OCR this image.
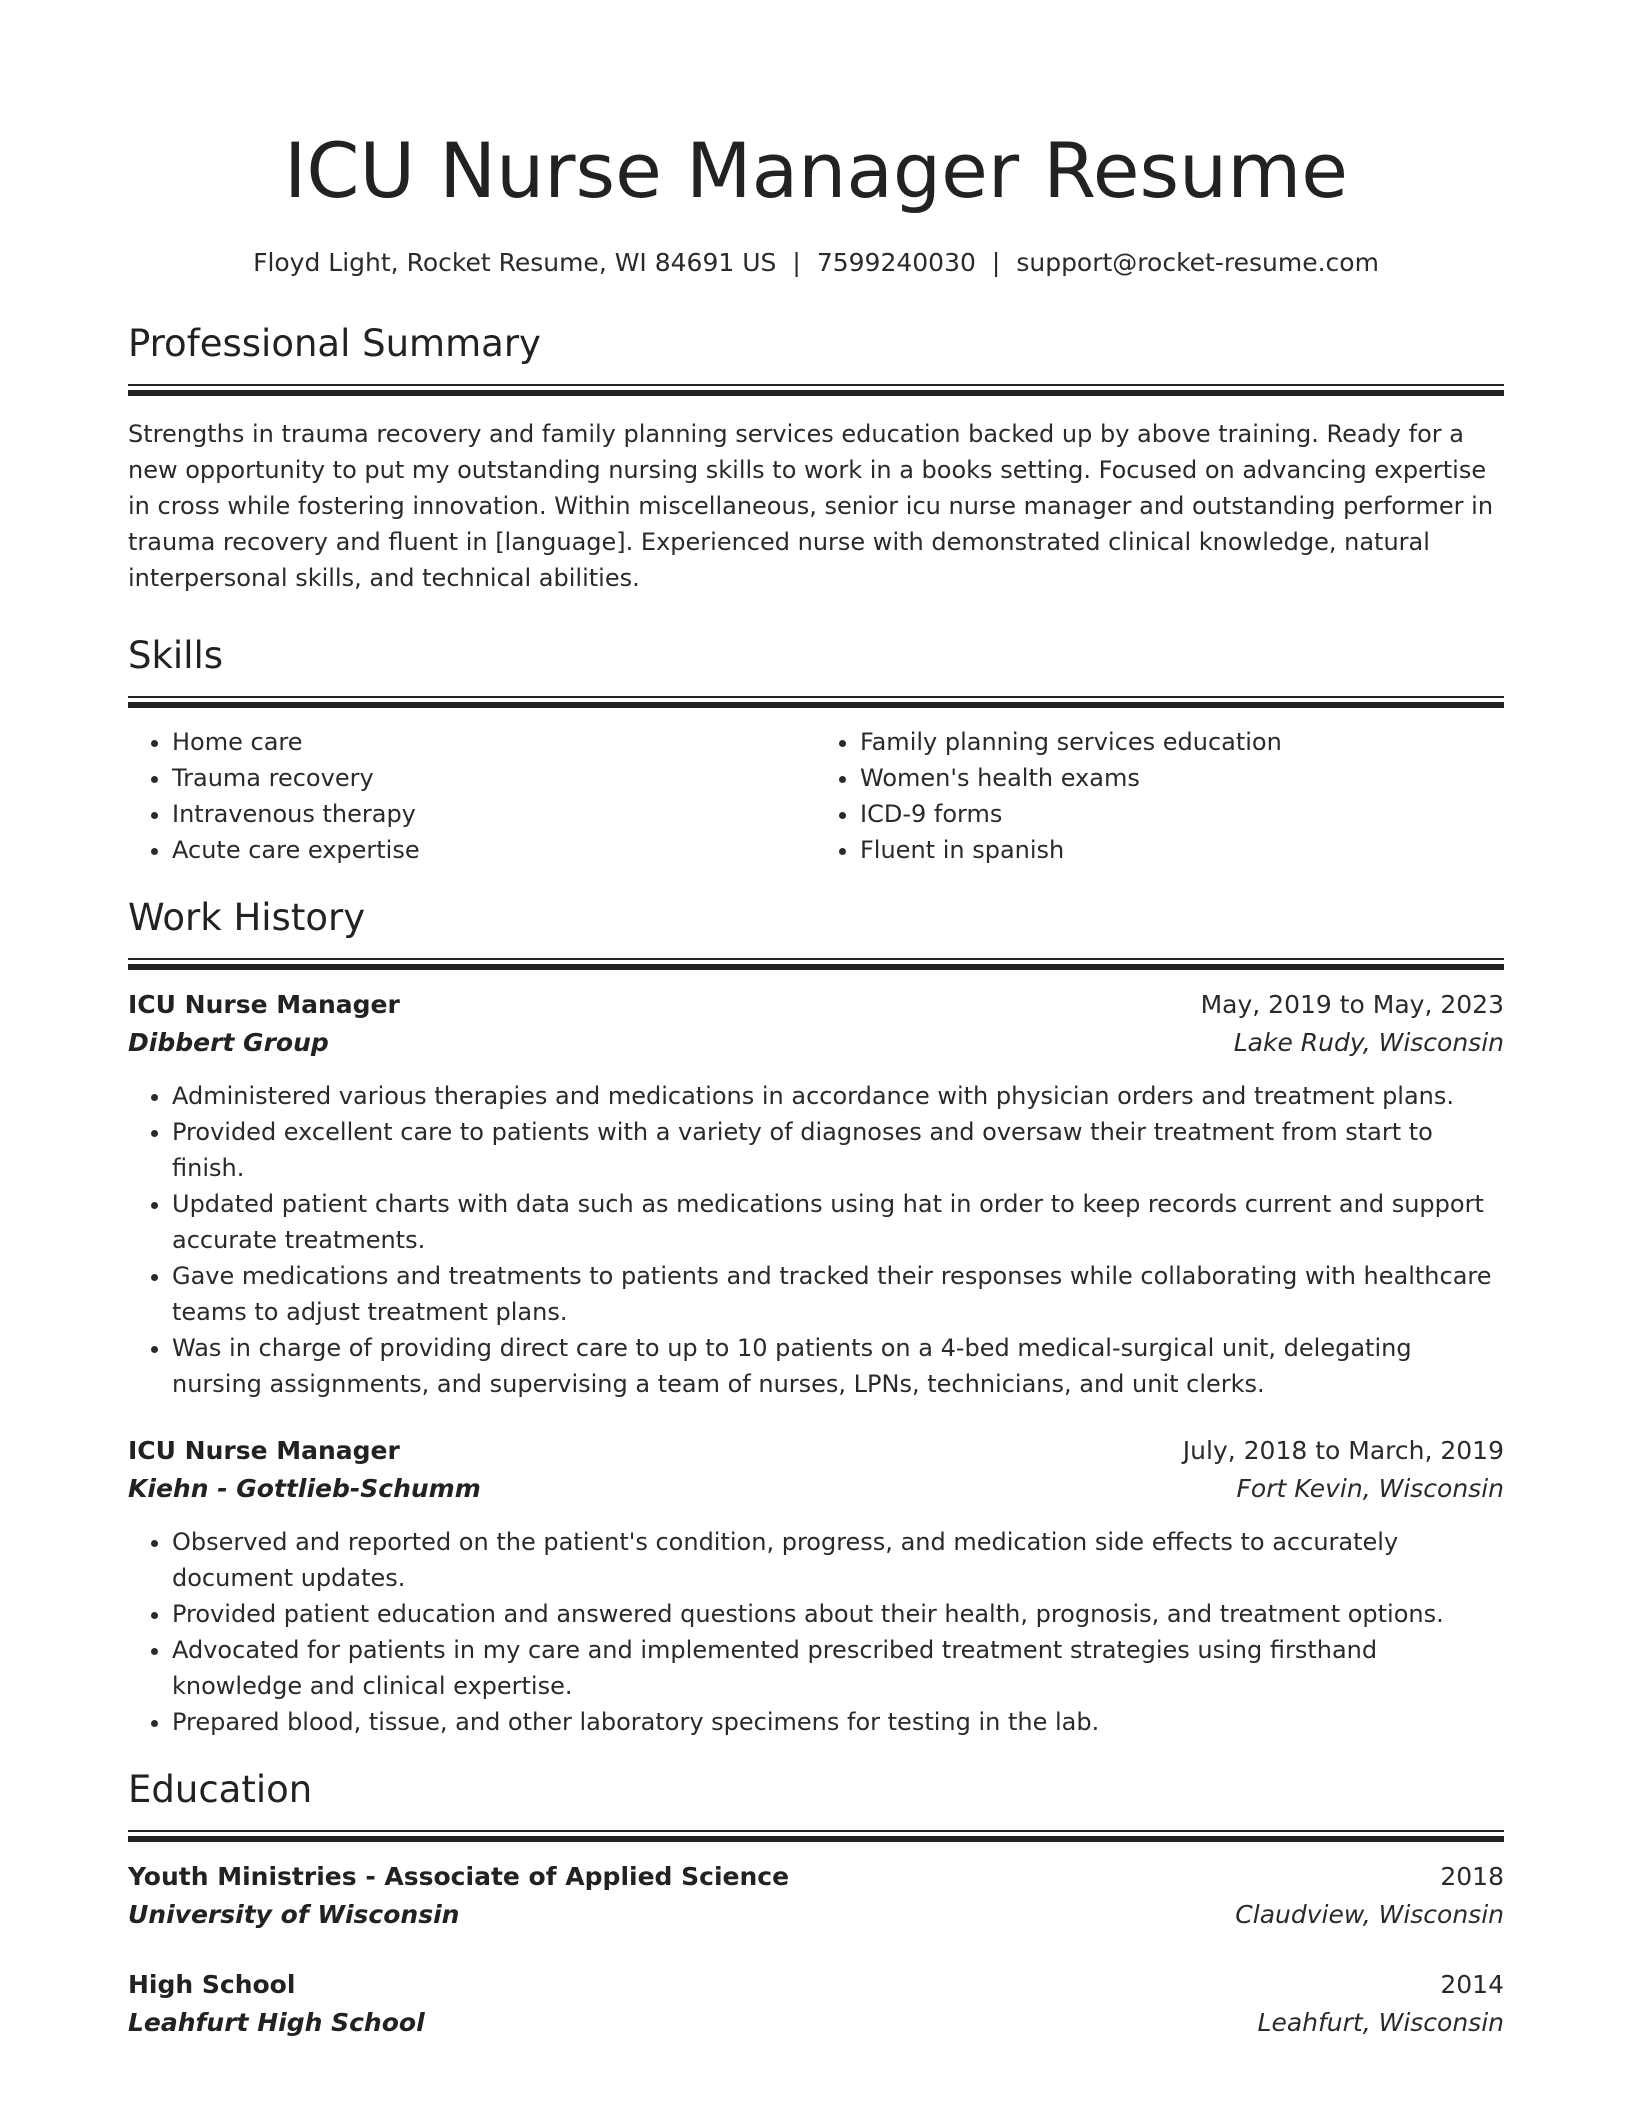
ICU Nurse Manager Resume
Floyd Light, Rocket Resume, WI 84691 US | 7599240030 | support@rocket-resume.com
Professional Summary

Strengths in trauma recovery and family planning services education backed up by above training. Ready for a new opportunity to put my outstanding nursing skills to work in a books setting. Focused on advancing expertise in cross while fostering innovation. Within miscellaneous, senior icu nurse manager and outstanding performer in trauma recovery and fluent in [language]. Experienced nurse with demonstrated clinical knowledge, natural interpersonal skills, and technical abilities.

Skills
• Home care
• Trauma recovery
• Intravenous therapy
• Acute care expertise
• Family planning services education
• Women's health exams
• ICD-9 forms
• Fluent in spanish
Work History
ICU Nurse Manager	May, 2019 to May, 2023
Dibbert Group	Lake Rudy, Wisconsin
• Administered various therapies and medications in accordance with physician orders and treatment plans.
• Provided excellent care to patients with a variety of diagnoses and oversaw their treatment from start to finish.
• Updated patient charts with data such as medications using hat in order to keep records current and support accurate treatments.
• Gave medications and treatments to patients and tracked their responses while collaborating with healthcare teams to adjust treatment plans.
• Was in charge of providing direct care to up to 10 patients on a 4-bed medical-surgical unit, delegating nursing assignments, and supervising a team of nurses, LPNs, technicians, and unit clerks.
ICU Nurse Manager	July, 2018 to March, 2019
Kiehn - Gottlieb-Schumm	Fort Kevin, Wisconsin
• Observed and reported on the patient's condition, progress, and medication side effects to accurately document updates.
• Provided patient education and answered questions about their health, prognosis, and treatment options.
• Advocated for patients in my care and implemented prescribed treatment strategies using firsthand knowledge and clinical expertise.
• Prepared blood, tissue, and other laboratory specimens for testing in the lab.
Education
Youth Ministries - Associate of Applied Science	2018
University of Wisconsin	Claudview, Wisconsin
High School	2014
Leahfurt High School	Leahfurt, Wisconsin
